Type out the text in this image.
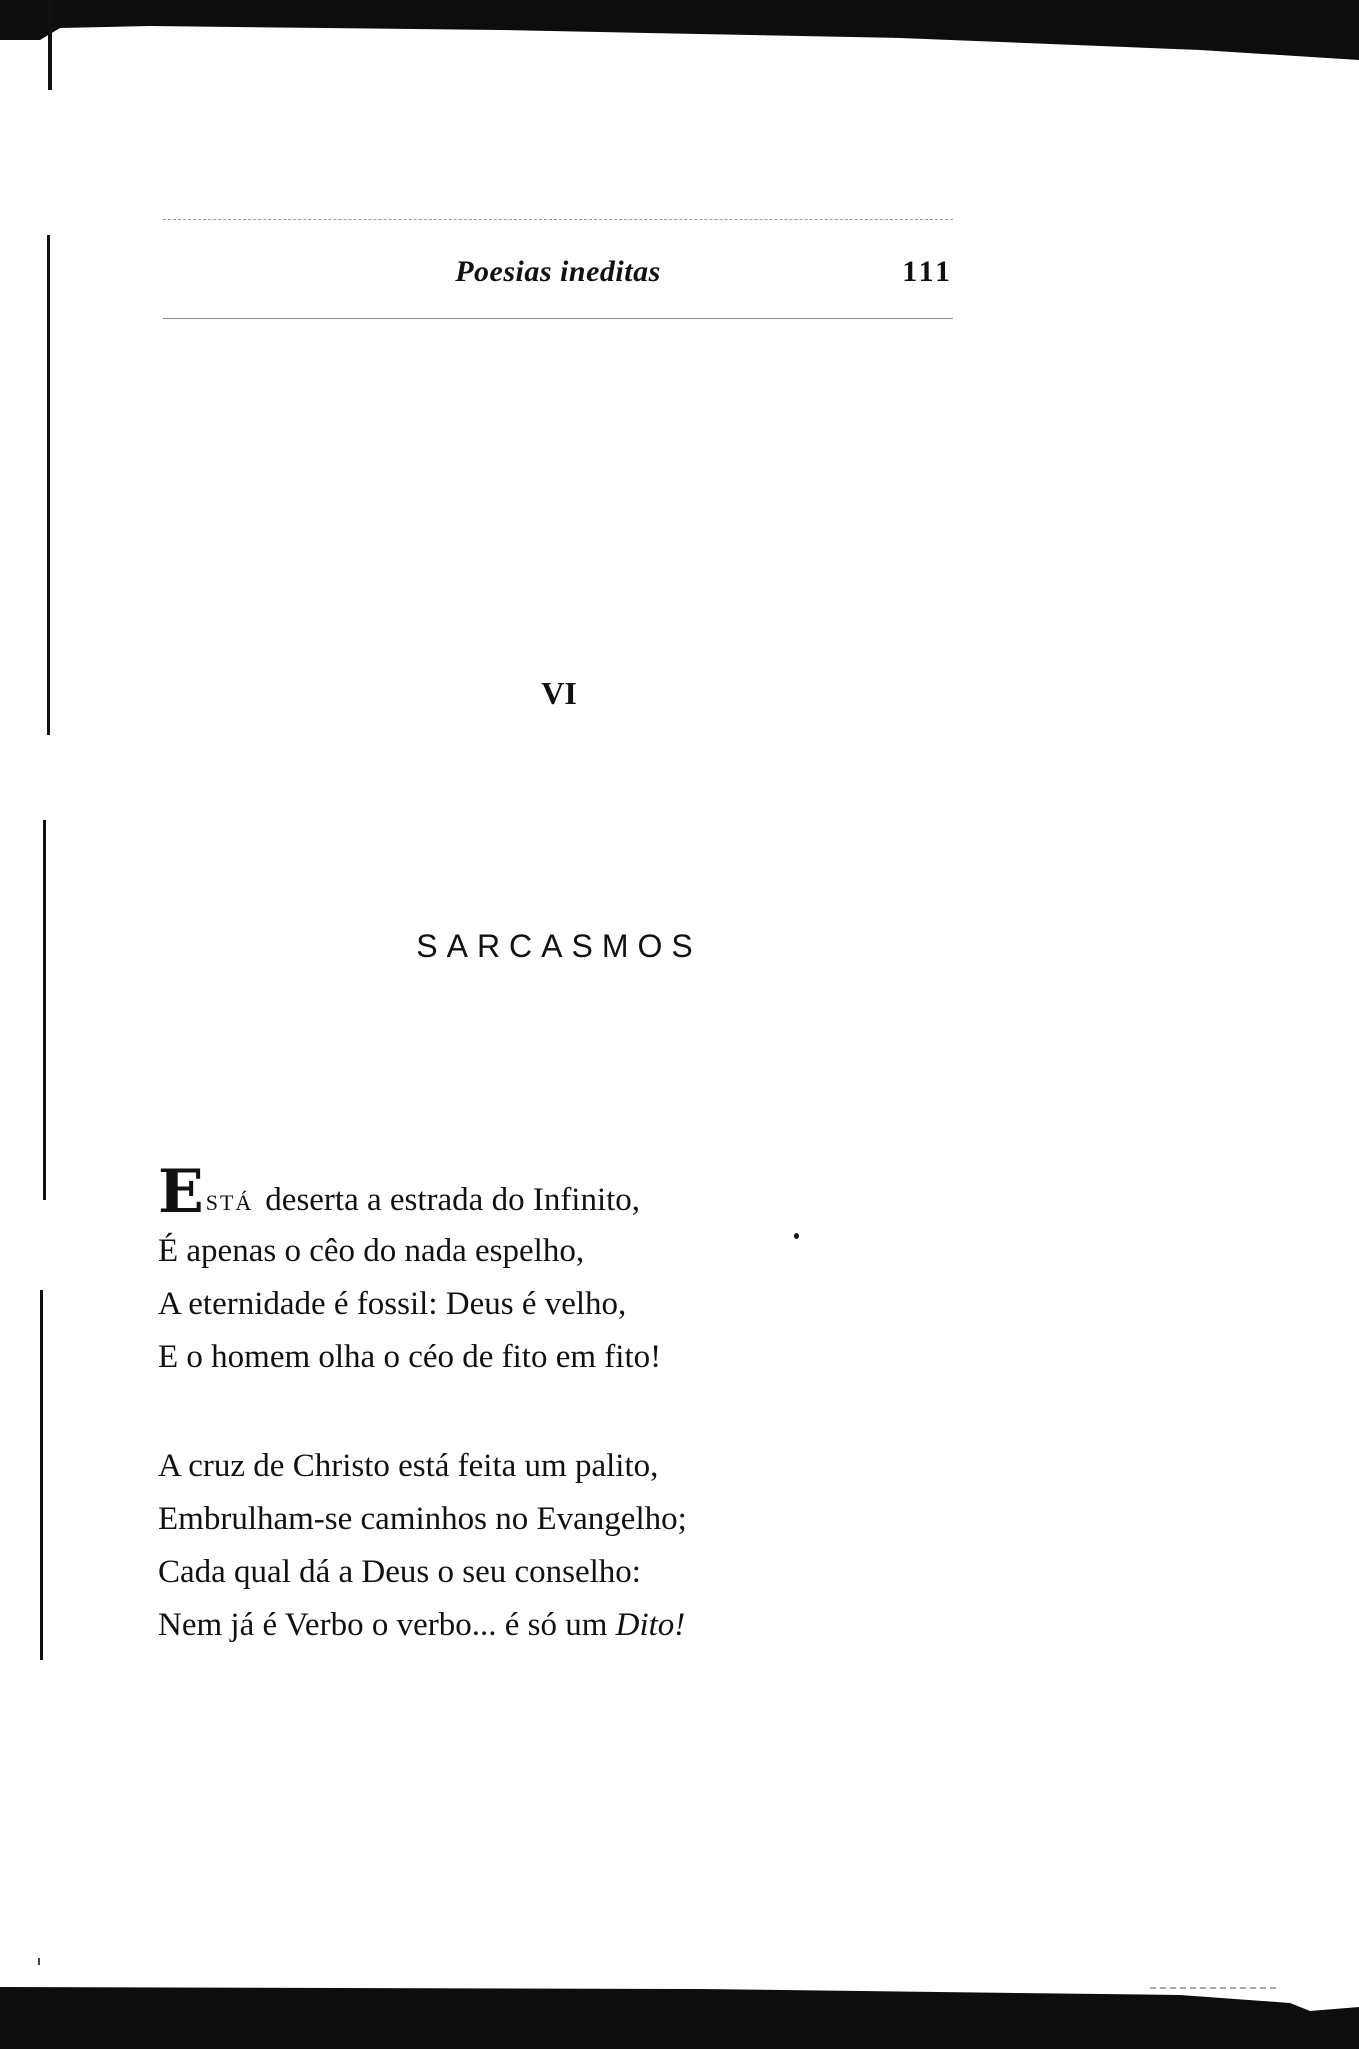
Poesias ineditas	111
VI
SARCASMOS
ESTÁ deserta a estrada do Infinito,
É apenas o cêo do nada espelho,
A eternidade é fossil: Deus é velho,
E o homem olha o céo de fito em fito!
A cruz de Christo está feita um palito,
Embrulham-se caminhos no Evangelho;
Cada qual dá a Deus o seu conselho:
Nem já é Verbo o verbo... é só um Dito!
